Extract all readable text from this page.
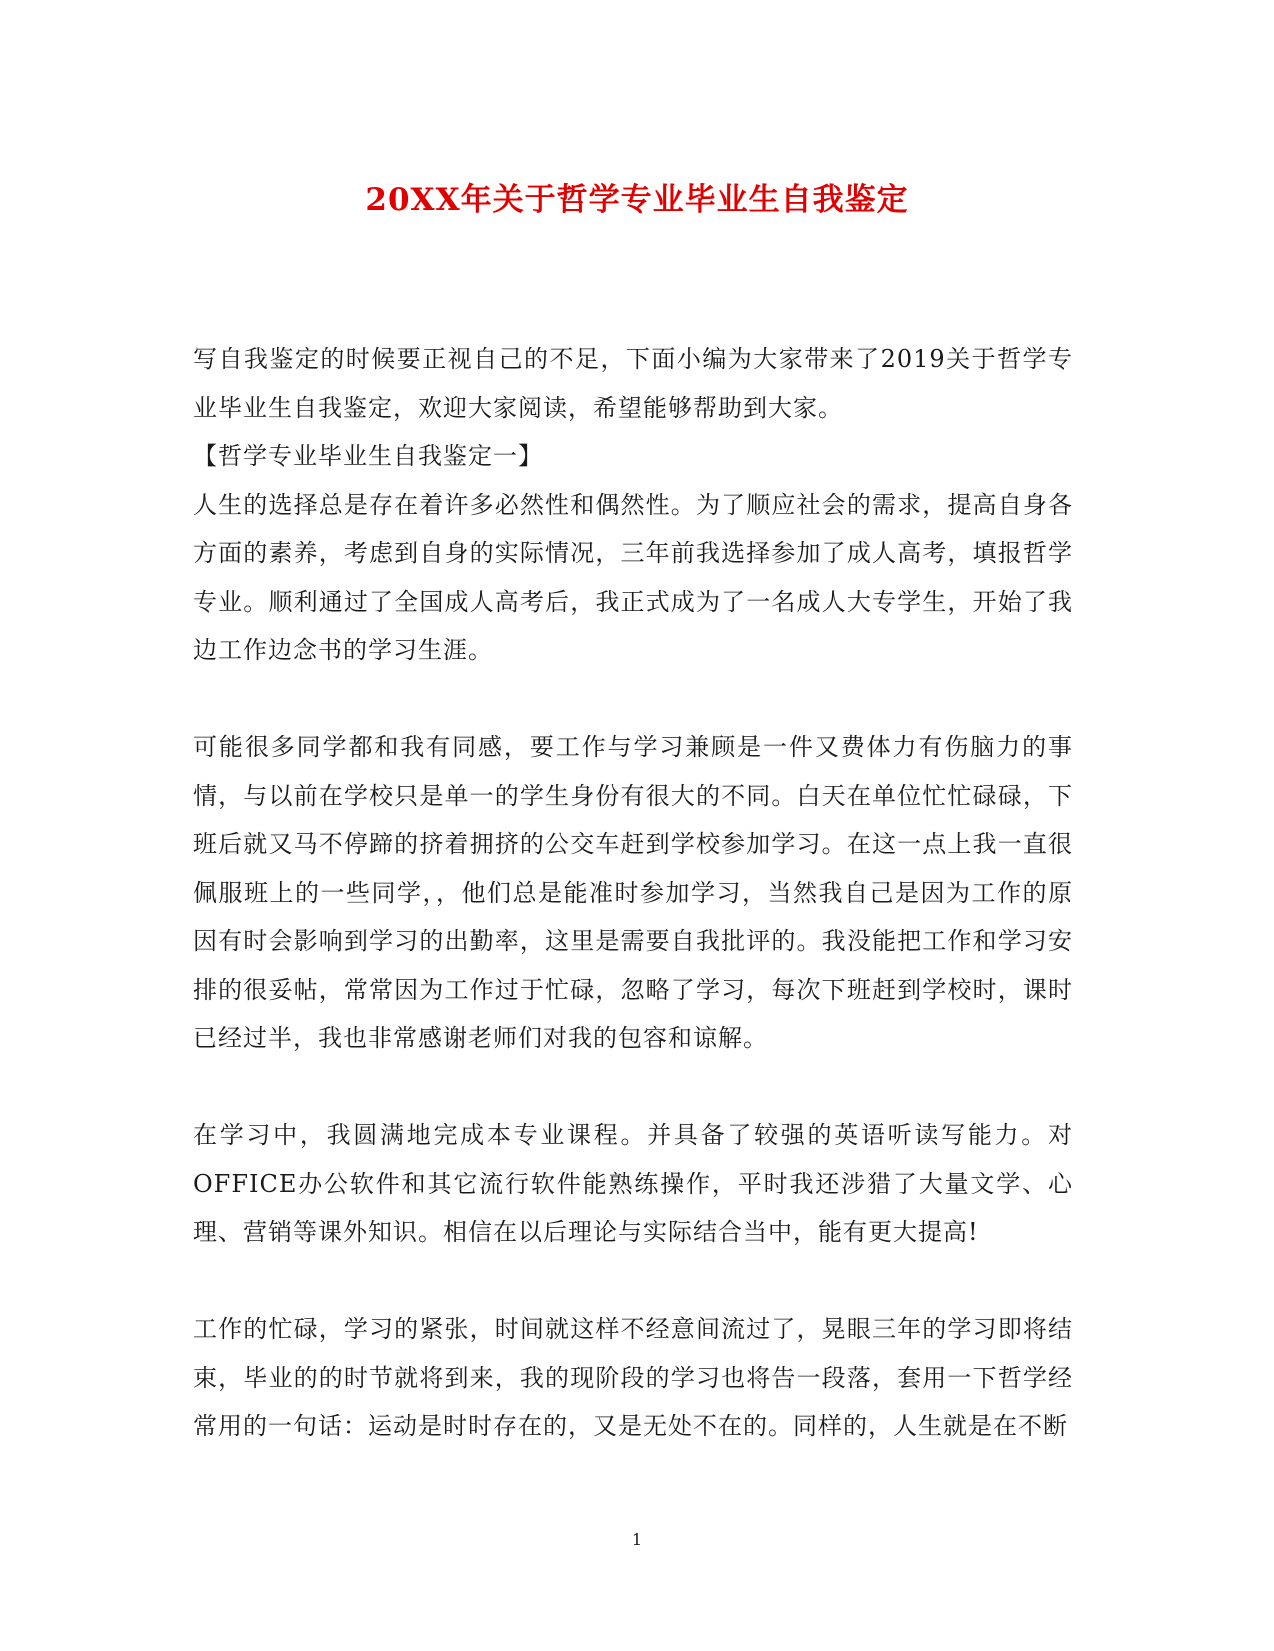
20XX年关于哲学专业毕业生自我鉴定

写自我鉴定的时候要正视自己的不足，下面小编为大家带来了2019关于哲学专业毕业生自我鉴定，欢迎大家阅读，希望能够帮助到大家。

【哲学专业毕业生自我鉴定一】

人生的选择总是存在着许多必然性和偶然性。为了顺应社会的需求，提高自身各方面的素养，考虑到自身的实际情况，三年前我选择参加了成人高考，填报哲学专业。顺利通过了全国成人高考后，我正式成为了一名成人大专学生，开始了我边工作边念书的学习生涯。

可能很多同学都和我有同感，要工作与学习兼顾是一件又费体力有伤脑力的事情，与以前在学校只是单一的学生身份有很大的不同。白天在单位忙忙碌碌，下班后就又马不停蹄的挤着拥挤的公交车赶到学校参加学习。在这一点上我一直很佩服班上的一些同学，，他们总是能准时参加学习，当然我自己是因为工作的原因有时会影响到学习的出勤率，这里是需要自我批评的。我没能把工作和学习安排的很妥帖，常常因为工作过于忙碌，忽略了学习，每次下班赶到学校时，课时已经过半，我也非常感谢老师们对我的包容和谅解。

在学习中，我圆满地完成本专业课程。并具备了较强的英语听读写能力。对OFFICE办公软件和其它流行软件能熟练操作，平时我还涉猎了大量文学、心理、营销等课外知识。相信在以后理论与实际结合当中，能有更大提高!

工作的忙碌，学习的紧张，时间就这样不经意间流过了，晃眼三年的学习即将结束，毕业的的时节就将到来，我的现阶段的学习也将告一段落，套用一下哲学经常用的一句话：运动是时时存在的，又是无处不在的。同样的，人生就是在不断

1
